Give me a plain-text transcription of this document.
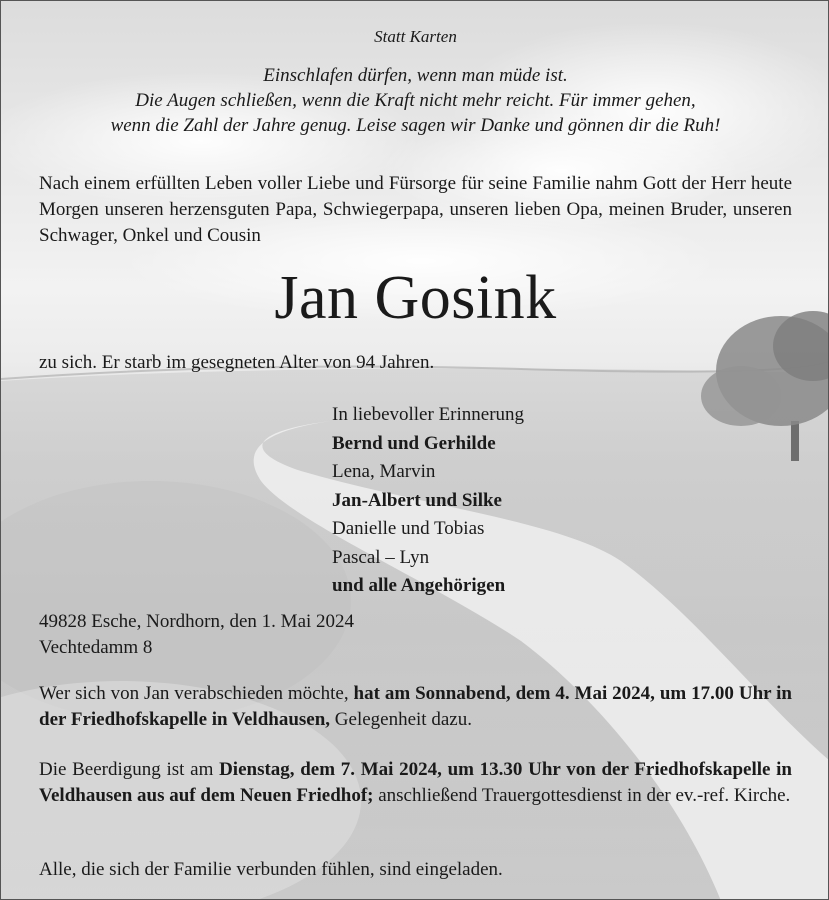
Statt Karten
Einschlafen dürfen, wenn man müde ist.
Die Augen schließen, wenn die Kraft nicht mehr reicht. Für immer gehen,
wenn die Zahl der Jahre genug. Leise sagen wir Danke und gönnen dir die Ruh!
Nach einem erfüllten Leben voller Liebe und Fürsorge für seine Familie nahm Gott der Herr heute Morgen unseren herzensguten Papa, Schwiegerpapa, unseren lieben Opa, meinen Bruder, unseren Schwager, Onkel und Cousin
Jan Gosink
zu sich. Er starb im gesegneten Alter von 94 Jahren.
In liebevoller Erinnerung
Bernd und Gerhilde
Lena, Marvin
Jan-Albert und Silke
Danielle und Tobias
Pascal – Lyn
und alle Angehörigen
49828 Esche, Nordhorn, den 1. Mai 2024
Vechtedamm 8
Wer sich von Jan verabschieden möchte, hat am Sonnabend, dem 4. Mai 2024, um 17.00 Uhr in der Friedhofskapelle in Veldhausen, Gelegenheit dazu.
Die Beerdigung ist am Dienstag, dem 7. Mai 2024, um 13.30 Uhr von der Friedhofskapelle in Veldhausen aus auf dem Neuen Friedhof; anschließend Trauergottesdienst in der ev.-ref. Kirche.
Alle, die sich der Familie verbunden fühlen, sind eingeladen.
